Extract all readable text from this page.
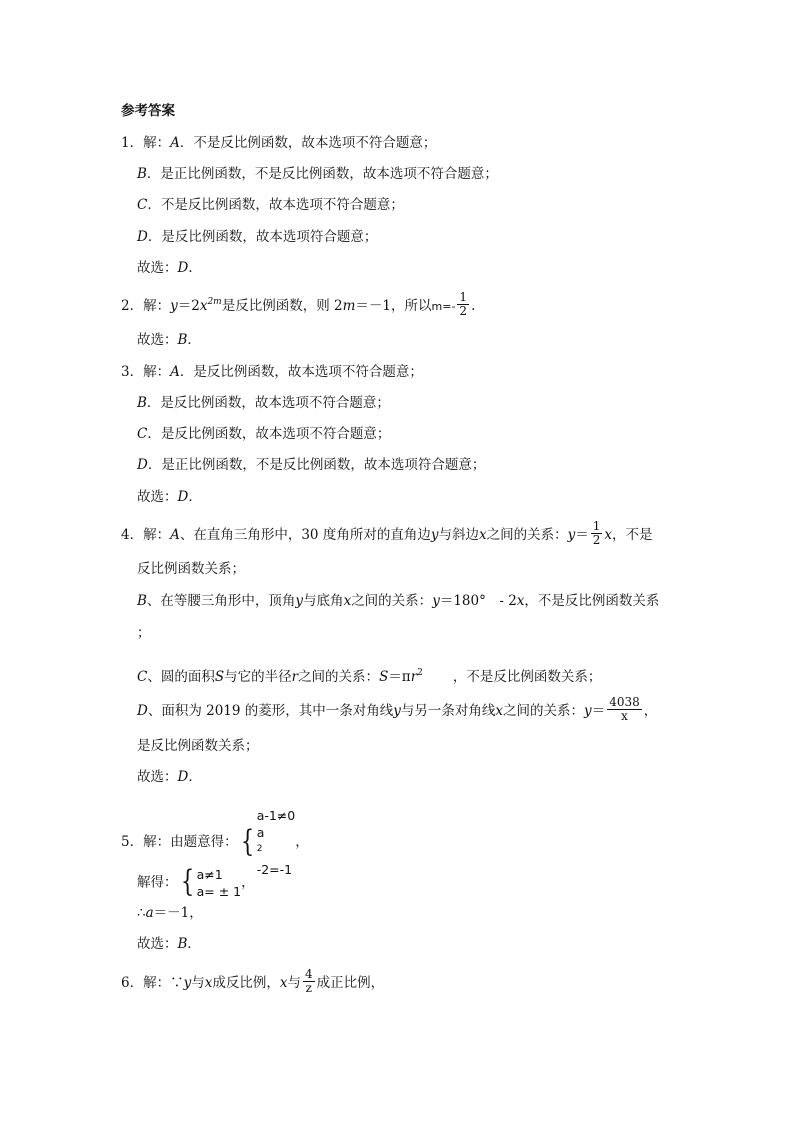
参考答案
1．解：A．不是反比例函数，故本选项不符合题意；
B．是正比例函数，不是反比例函数，故本选项不符合题意；
C．不是反比例函数，故本选项不符合题意；
D．是反比例函数，故本选项符合题意；
故选：D．
2．解：$y=2x^{2m}$是反比例函数，则 2m＝－1，所以$m=- \frac{1}{2}$ .
故选：B．
3．解：A．是反比例函数，故本选项不符合题意；
B．是反比例函数，故本选项不符合题意；
C．是反比例函数，故本选项不符合题意；
D．是正比例函数，不是反比例函数，故本选项符合题意；
故选：D．
4．解：A、在直角三角形中，30 度角所对的直角边y与斜边x之间的关系：$y= \frac{1}{2}$ x，不是
反比例函数关系；
B、在等腰三角形中，顶角y与底角x之间的关系：y＝180°　- 2x，不是反比例函数关系
；
C、圆的面积S与它的半径r之间的关系：$S=\pi r^2$ ，不是反比例函数关系；
D、面积为 2019 的菱形，其中一条对角线y与另一条对角线x之间的关系：$y= \frac{4038}{x}$ ，
是反比例函数关系；
故选：D．
5．解：由题意得：{
a-1≠0
a
$^2$
-2=-1
，
解得：{ a≠1
a= ± 1
，
∴a＝－1，
故选：B．
6．解：∵y与x成反比例，x与 $\frac{4}{z}$ 成正比例，
